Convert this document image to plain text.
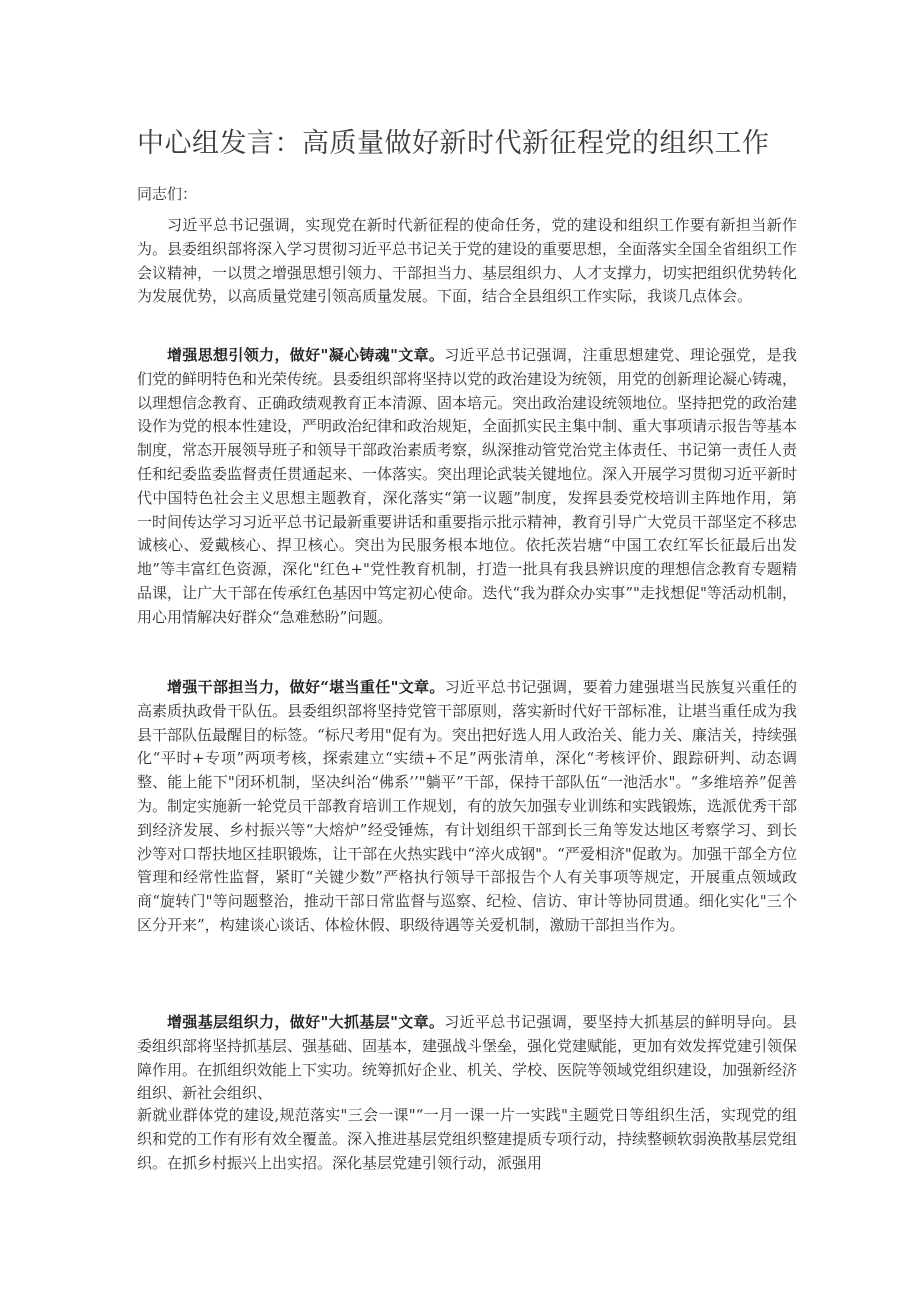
中心组发言：高质量做好新时代新征程党的组织工作
同志们：

习近平总书记强调，实现党在新时代新征程的使命任务，党的建设和组织工作要有新担当新作为。县委组织部将深入学习贯彻习近平总书记关于党的建设的重要思想，全面落实全国全省组织工作会议精神，一以贯之增强思想引领力、干部担当力、基层组织力、人才支撑力，切实把组织优势转化为发展优势，以高质量党建引领高质量发展。下面，结合全县组织工作实际，我谈几点体会。

增强思想引领力，做好"凝心铸魂"文章。习近平总书记强调，注重思想建党、理论强党，是我们党的鲜明特色和光荣传统。县委组织部将坚持以党的政治建设为统领，用党的创新理论凝心铸魂，以理想信念教育、正确政绩观教育正本清源、固本培元。突出政治建设统领地位。坚持把党的政治建设作为党的根本性建设，严明政治纪律和政治规矩，全面抓实民主集中制、重大事项请示报告等基本制度，常态开展领导班子和领导干部政治素质考察，纵深推动管党治党主体责任、书记第一责任人责任和纪委监委监督责任贯通起来、一体落实。突出理论武装关键地位。深入开展学习贯彻习近平新时代中国特色社会主义思想主题教育，深化落实“第一议题”制度，发挥县委党校培训主阵地作用，第一时间传达学习习近平总书记最新重要讲话和重要指示批示精神，教育引导广大党员干部坚定不移忠诚核心、爱戴核心、捍卫核心。突出为民服务根本地位。依托茨岩塘“中国工农红军长征最后出发地”等丰富红色资源，深化"红色+"党性教育机制，打造一批具有我县辨识度的理想信念教育专题精品课，让广大干部在传承红色基因中笃定初心使命。迭代“我为群众办实事”"走找想促"等活动机制，用心用情解决好群众“急难愁盼”问题。

增强干部担当力，做好“堪当重任"文章。习近平总书记强调，要着力建强堪当民族复兴重任的高素质执政骨干队伍。县委组织部将坚持党管干部原则，落实新时代好干部标准，让堪当重任成为我县干部队伍最醒目的标签。“标尺考用"促有为。突出把好选人用人政治关、能力关、廉洁关，持续强化“平时+专项”两项考核，探索建立“实绩+不足”两张清单，深化“考核评价、跟踪研判、动态调整、能上能下"闭环机制，坚决纠治“佛系’’"躺平”干部，保持干部队伍“一池活水"。“多维培养”促善为。制定实施新一轮党员干部教育培训工作规划，有的放矢加强专业训练和实践锻炼，选派优秀干部到经济发展、乡村振兴等“大熔炉”经受锤炼，有计划组织干部到长三角等发达地区考察学习、到长沙等对口帮扶地区挂职锻炼，让干部在火热实践中“淬火成钢"。“严爱相济"促敢为。加强干部全方位管理和经常性监督，紧盯“关键少数”严格执行领导干部报告个人有关事项等规定，开展重点领域政商“旋转门"等问题整治，推动干部日常监督与巡察、纪检、信访、审计等协同贯通。细化实化"三个区分开来”，构建谈心谈话、体检休假、职级待遇等关爱机制，激励干部担当作为。

增强基层组织力，做好"大抓基层"文章。习近平总书记强调，要坚持大抓基层的鲜明导向。县委组织部将坚持抓基层、强基础、固基本，建强战斗堡垒，强化党建赋能，更加有效发挥党建引领保障作用。在抓组织效能上下实功。统筹抓好企业、机关、学校、医院等领域党组织建设，加强新经济组织、新社会组织、

新就业群体党的建设,规范落实"三会一课"“一月一课一片一实践"主题党日等组织生活，实现党的组织和党的工作有形有效全覆盖。深入推进基层党组织整建提质专项行动，持续整顿软弱涣散基层党组织。在抓乡村振兴上出实招。深化基层党建引领行动，派强用
